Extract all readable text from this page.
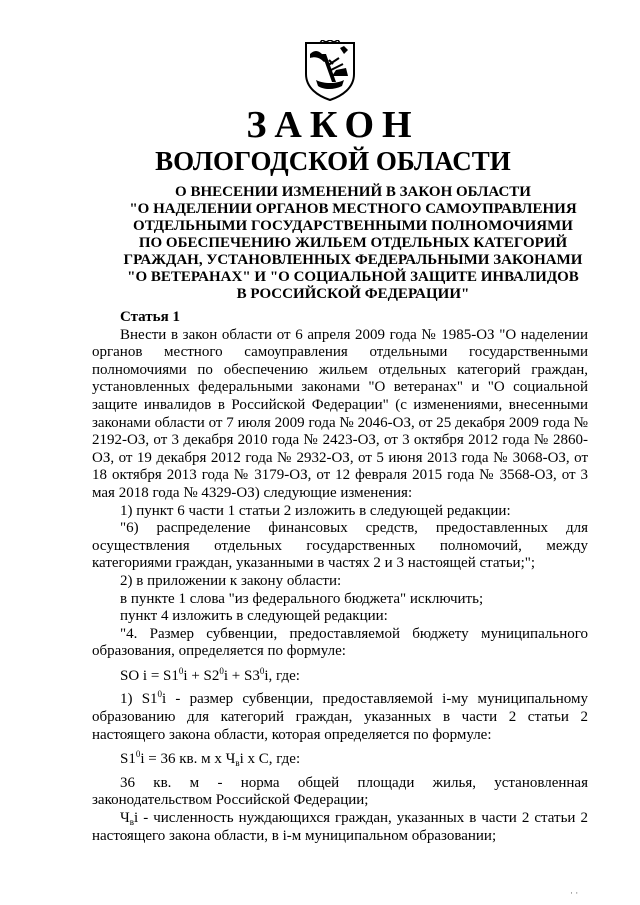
ЗАКОН
ВОЛОГОДСКОЙ ОБЛАСТИ
О ВНЕСЕНИИ ИЗМЕНЕНИЙ В ЗАКОН ОБЛАСТИ
"О НАДЕЛЕНИИ ОРГАНОВ МЕСТНОГО САМОУПРАВЛЕНИЯ
ОТДЕЛЬНЫМИ ГОСУДАРСТВЕННЫМИ ПОЛНОМОЧИЯМИ
ПО ОБЕСПЕЧЕНИЮ ЖИЛЬЕМ ОТДЕЛЬНЫХ КАТЕГОРИЙ
ГРАЖДАН, УСТАНОВЛЕННЫХ ФЕДЕРАЛЬНЫМИ ЗАКОНАМИ
"О ВЕТЕРАНАХ" И "О СОЦИАЛЬНОЙ ЗАЩИТЕ ИНВАЛИДОВ
В РОССИЙСКОЙ ФЕДЕРАЦИИ"

Статья 1

Внести в закон области от 6 апреля 2009 года № 1985-ОЗ "О наделении органов местного самоуправления отдельными государственными полномочиями по обеспечению жильем отдельных категорий граждан, установленных федеральными законами "О ветеранах" и "О социальной защите инвалидов в Российской Федерации" (с изменениями, внесенными законами области от 7 июля 2009 года № 2046-ОЗ, от 25 декабря 2009 года № 2192-ОЗ, от 3 декабря 2010 года № 2423-ОЗ, от 3 октября 2012 года № 2860-ОЗ, от 19 декабря 2012 года № 2932-ОЗ, от 5 июня 2013 года № 3068-ОЗ, от 18 октября 2013 года № 3179-ОЗ, от 12 февраля 2015 года № 3568-ОЗ, от 3 мая 2018 года № 4329-ОЗ) следующие изменения:

1) пункт 6 части 1 статьи 2 изложить в следующей редакции:

"6) распределение финансовых средств, предоставленных для осуществления отдельных государственных полномочий, между категориями граждан, указанными в частях 2 и 3 настоящей статьи;";

2) в приложении к закону области:

в пункте 1 слова "из федерального бюджета" исключить;

пункт 4 изложить в следующей редакции:

"4. Размер субвенции, предоставляемой бюджету муниципального образования, определяется по формуле:

SO $i = S1^0i + S2^0i + S3^0i$, где:

1) $S1^0i$ - размер субвенции, предоставляемой i-му муниципальному образованию для категорий граждан, указанных в части 2 статьи 2 настоящего закона области, которая определяется по формуле:

$S1^0i = 36$ кв. м х $Ч_вi$ х С, где:

36 кв. м - норма общей площади жилья, установленная законодательством Российской Федерации;

$Ч_вi$ - численность нуждающихся граждан, указанных в части 2 статьи 2 настоящего закона области, в i-м муниципальном образовании;

· ·
